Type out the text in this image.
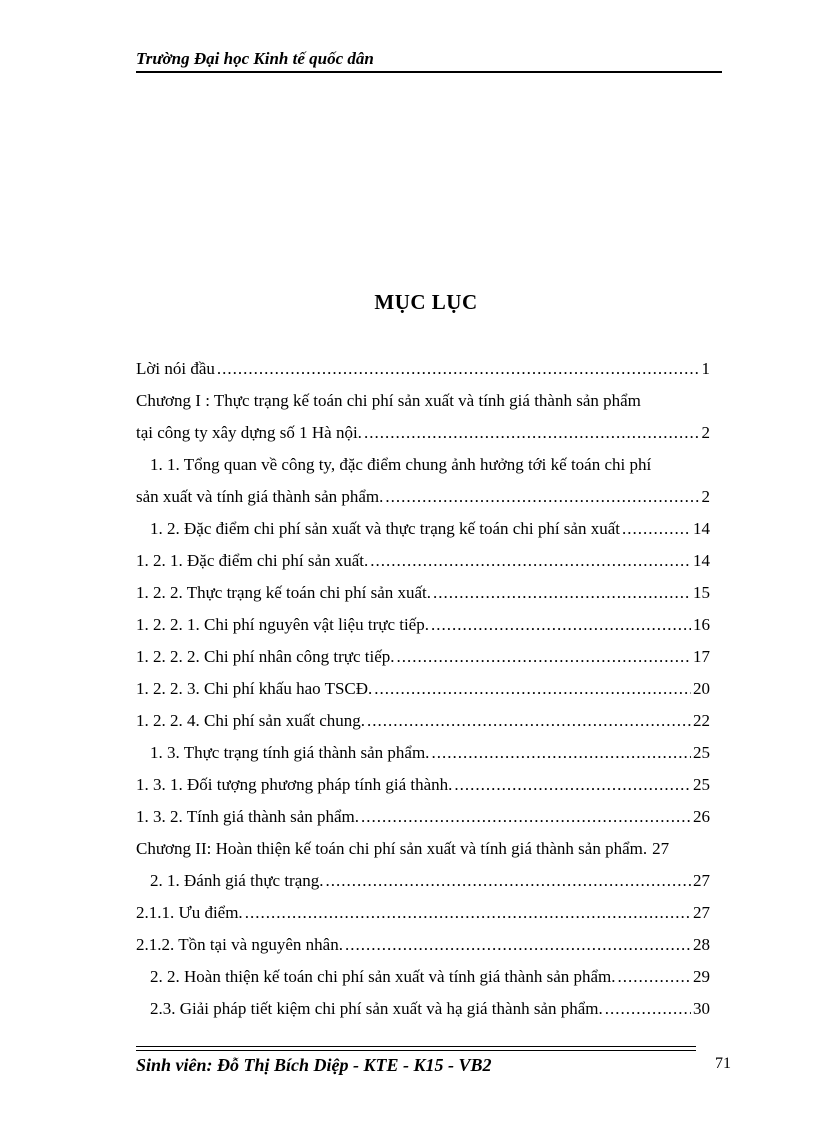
Trường Đại học Kinh tế quốc dân
MỤC LỤC
Lời nói đầu .....	1
Chương I : Thực trạng kế toán chi phí sản xuất và tính giá thành sản phẩm
tại công ty xây dựng số 1 Hà nội. .....	2
1. 1. Tổng quan về công ty, đặc điểm chung ảnh hưởng tới kế toán chi phí
sản xuất và tính giá thành sản phẩm. .....	2
1. 2. Đặc điểm chi phí sản xuất và thực trạng kế toán chi phí sản xuất .....	14
1. 2. 1. Đặc điểm chi phí sản xuất. .....	14
1. 2. 2. Thực trạng kế toán chi phí sản xuất. .....	15
1. 2. 2. 1. Chi phí nguyên vật liệu trực tiếp. .....	16
1. 2. 2. 2. Chi phí nhân công trực tiếp. .....	17
1. 2. 2. 3. Chi phí khấu hao TSCĐ. .....	20
1. 2. 2. 4. Chi phí sản xuất chung. .....	22
1. 3. Thực trạng tính giá thành sản phẩm. .....	25
1. 3. 1. Đối tượng phương pháp tính giá thành. .....	25
1. 3. 2. Tính giá thành sản phẩm. .....	26
Chương II: Hoàn thiện kế toán chi phí sản xuất và tính giá thành sản phẩm. 27
2. 1. Đánh giá thực trạng. .....	27
2.1.1. Ưu điểm. .....	27
2.1.2. Tồn tại và nguyên nhân. .....	28
2. 2. Hoàn thiện kế toán chi phí sản xuất và tính giá thành sản phẩm. .....	29
2.3. Giải pháp tiết kiệm chi phí sản xuất và hạ giá thành sản phẩm. .....	30
Sinh viên: Đỗ Thị Bích Diệp - KTE - K15 - VB2	71
